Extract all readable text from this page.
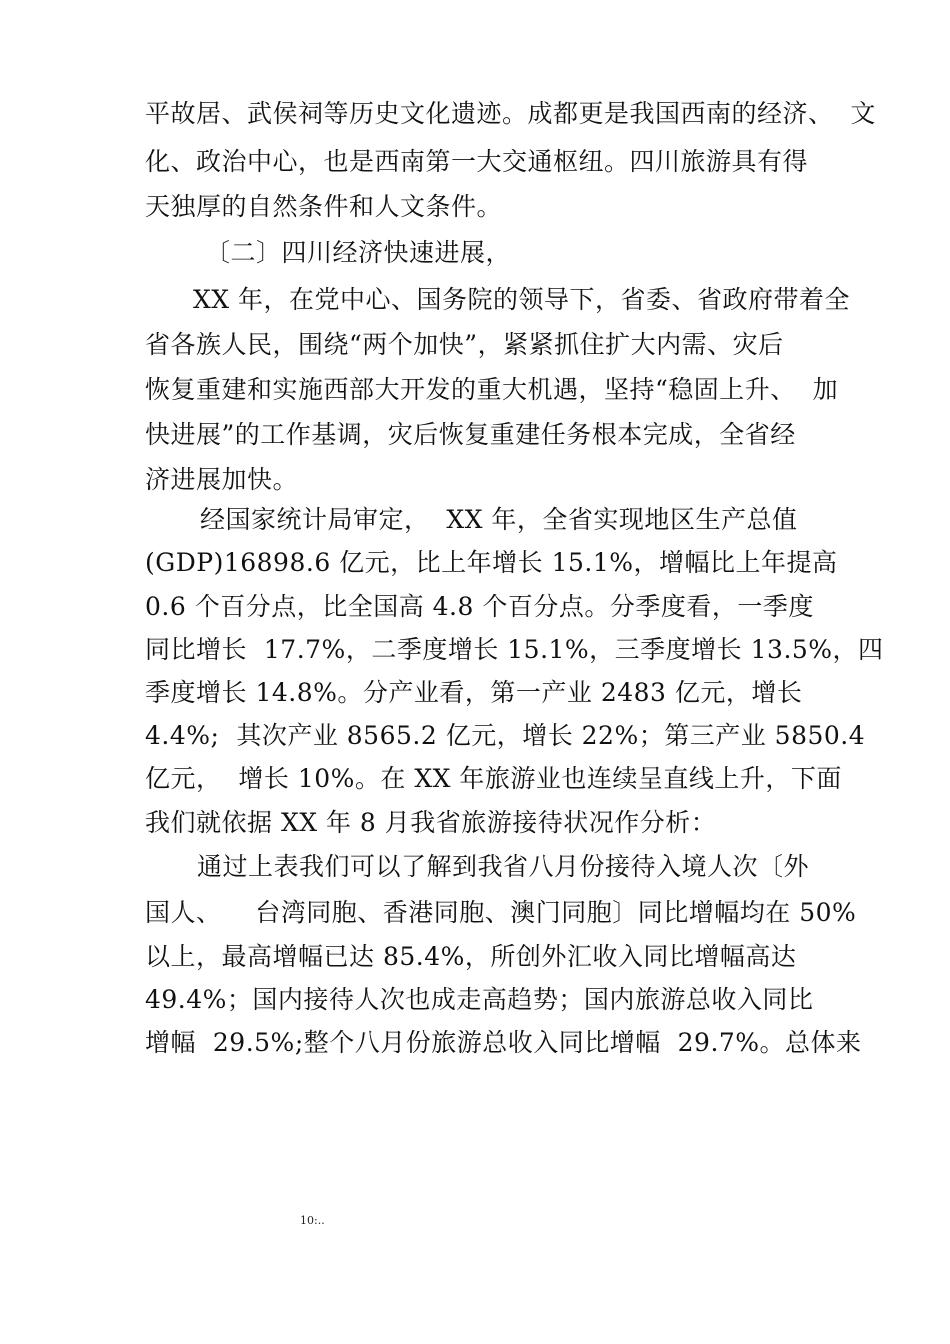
平故居、武侯祠等历史文化遗迹。成都更是我国西南的经济、  文
化、政治中心，也是西南第一大交通枢纽。四川旅游具有得
天独厚的自然条件和人文条件。
〔二〕四川经济快速进展，
XX 年，在党中心、国务院的领导下，省委、省政府带着全
省各族人民，围绕“两个加快”，紧紧抓住扩大内需、灾后
恢复重建和实施西部大开发的重大机遇，坚持“稳固上升、  加
快进展”的工作基调，灾后恢复重建任务根本完成，全省经
济进展加快。
经国家统计局审定，  XX 年，全省实现地区生产总值
(GDP)16898.6 亿元，比上年增长 15.1%，增幅比上年提高
0.6 个百分点，比全国高 4.8 个百分点。分季度看，一季度
同比增长  17.7%，二季度增长 15.1%，三季度增长 13.5%，四
季度增长 14.8%。分产业看，第一产业 2483 亿元，增长
4.4%;  其次产业 8565.2 亿元，增长 22%；第三产业 5850.4
亿元，  增长 10%。在 XX 年旅游业也连续呈直线上升，下面
我们就依据 XX 年 8 月我省旅游接待状况作分析：
通过上表我们可以了解到我省八月份接待入境人次〔外
国人、    台湾同胞、香港同胞、澳门同胞〕同比增幅均在 50%
以上，最高增幅已达 85.4%，所创外汇收入同比增幅高达
49.4%；国内接待人次也成走高趋势；国内旅游总收入同比
增幅  29.5%;整个八月份旅游总收入同比增幅  29.7%。总体来
10:..
